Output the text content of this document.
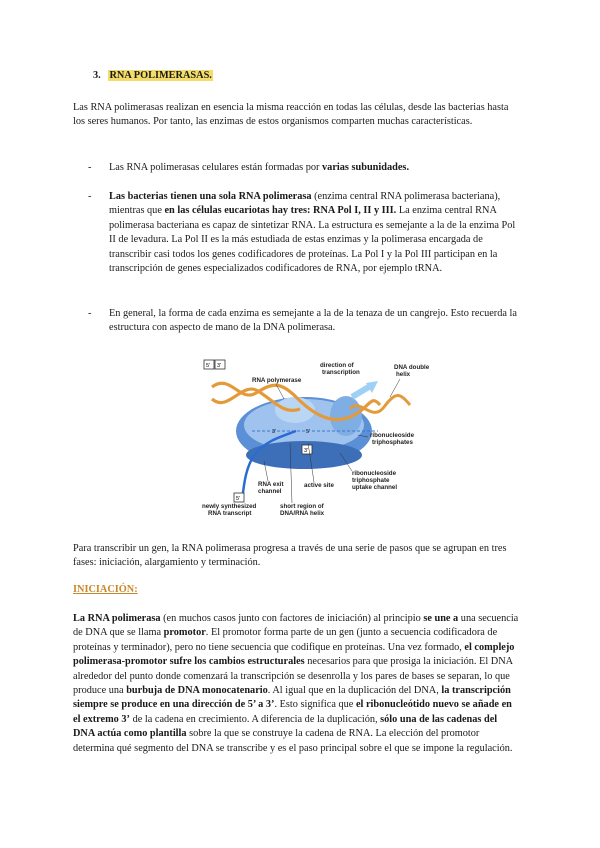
3. RNA POLIMERASAS.

Las RNA polimerasas realizan en esencia la misma reacción en todas las células, desde las bacterias hasta los seres humanos. Por tanto, las enzimas de estos organismos comparten muchas características.

- Las RNA polimerasas celulares están formadas por varias subunidades.

- Las bacterias tienen una sola RNA polimerasa (enzima central RNA polimerasa bacteriana), mientras que en las células eucariotas hay tres: RNA Pol I, II y III. La enzima central RNA polimerasa bacteriana es capaz de sintetizar RNA. La estructura es semejante a la de la enzima Pol II de levadura. La Pol II es la más estudiada de estas enzimas y la polimerasa encargada de transcribir casi todos los genes codificadores de proteínas. La Pol I y la Pol III participan en la transcripción de genes especializados codificadores de RNA, por ejemplo tRNA.

- En general, la forma de cada enzima es semejante a la de la tenaza de un cangrejo. Esto recuerda la estructura con aspecto de mano de la DNA polimerasa.

5' 3'
3'
5'
3'	5'
RNA polymerase
direction of
transcription
DNA double
helix
ribonucleoside
triphosphates
RNA exit
channel
active site
short region of
DNA/RNA helix
ribonucleoside
triphosphate
uptake channel
newly synthesized
RNA transcript

Para transcribir un gen, la RNA polimerasa progresa a través de una serie de pasos que se agrupan en tres fases: iniciación, alargamiento y terminación.

INICIACIÓN:

La RNA polimerasa (en muchos casos junto con factores de iniciación) al principio se une a una secuencia de DNA que se llama promotor. El promotor forma parte de un gen (junto a secuencia codificadora de proteínas y terminador), pero no tiene secuencia que codifique en proteínas. Una vez formado, el complejo polimerasa-promotor sufre los cambios estructurales necesarios para que prosiga la iniciación. El DNA alrededor del punto donde comenzará la transcripción se desenrolla y los pares de bases se separan, lo que produce una burbuja de DNA monocatenario. Al igual que en la duplicación del DNA, la transcripción siempre se produce en una dirección de 5’ a 3’. Esto significa que el ribonucleótido nuevo se añade en el extremo 3’ de la cadena en crecimiento. A diferencia de la duplicación, sólo una de las cadenas del DNA actúa como plantilla sobre la que se construye la cadena de RNA. La elección del promotor determina qué segmento del DNA se transcribe y es el paso principal sobre el que se impone la regulación.
